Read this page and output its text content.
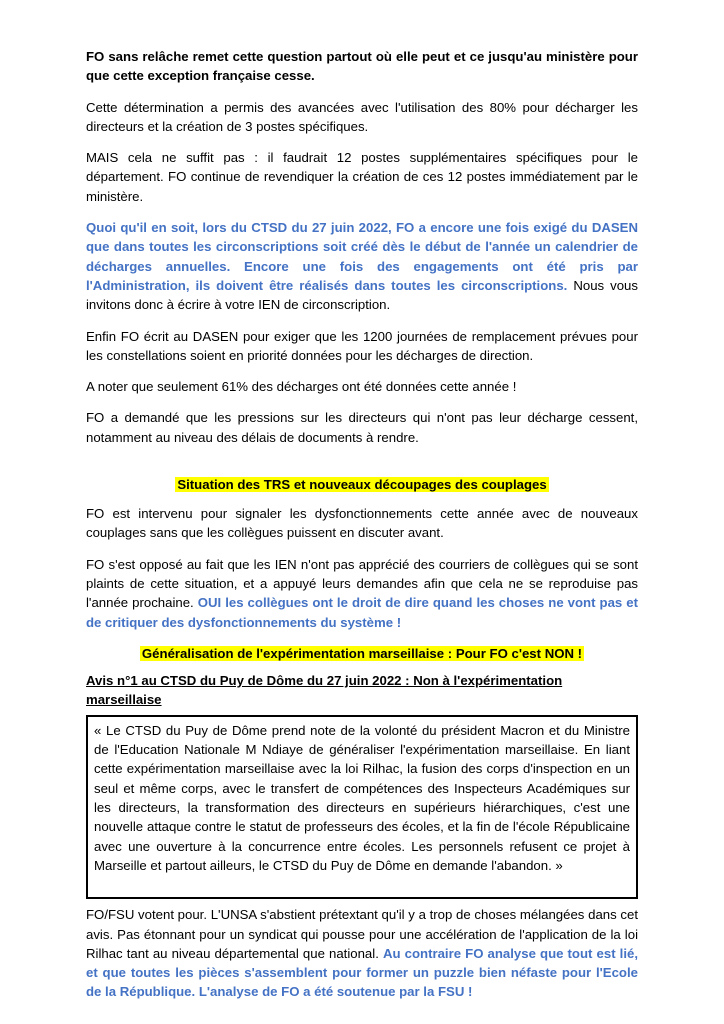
FO sans relâche remet cette question partout où elle peut et ce jusqu'au ministère pour que cette exception française cesse.

Cette détermination a permis des avancées avec l'utilisation des 80% pour décharger les directeurs et la création de 3 postes spécifiques.

MAIS cela ne suffit pas : il faudrait 12 postes supplémentaires spécifiques pour le département. FO continue de revendiquer la création de ces 12 postes immédiatement par le ministère.

Quoi qu'il en soit, lors du CTSD du 27 juin 2022, FO a encore une fois exigé du DASEN que dans toutes les circonscriptions soit créé dès le début de l'année un calendrier de décharges annuelles. Encore une fois des engagements ont été pris par l'Administration, ils doivent être réalisés dans toutes les circonscriptions. Nous vous invitons donc à écrire à votre IEN de circonscription.

Enfin FO écrit au DASEN pour exiger que les 1200 journées de remplacement prévues pour les constellations soient en priorité données pour les décharges de direction.

A noter que seulement 61% des décharges ont été données cette année !

FO a demandé que les pressions sur les directeurs qui n'ont pas leur décharge cessent, notamment au niveau des délais de documents à rendre.

Situation des TRS et nouveaux découpages des couplages

FO est intervenu pour signaler les dysfonctionnements cette année avec de nouveaux couplages sans que les collègues puissent en discuter avant.

FO s'est opposé au fait que les IEN n'ont pas apprécié des courriers de collègues qui se sont plaints de cette situation, et a appuyé leurs demandes afin que cela ne se reproduise pas l'année prochaine. OUI les collègues ont le droit de dire quand les choses ne vont pas et de critiquer des dysfonctionnements du système !

Généralisation de l'expérimentation marseillaise : Pour FO c'est NON !
Avis n°1 au CTSD du Puy de Dôme du 27 juin 2022 : Non à l'expérimentation marseillaise

« Le CTSD du Puy de Dôme prend note de la volonté du président Macron et du Ministre de l'Education Nationale M Ndiaye de généraliser l'expérimentation marseillaise. En liant cette expérimentation marseillaise avec la loi Rilhac, la fusion des corps d'inspection en un seul et même corps, avec le transfert de compétences des Inspecteurs Académiques sur les directeurs, la transformation des directeurs en supérieurs hiérarchiques, c'est une nouvelle attaque contre le statut de professeurs des écoles, et la fin de l'école Républicaine avec une ouverture à la concurrence entre écoles. Les personnels refusent ce projet à Marseille et partout ailleurs, le CTSD du Puy de Dôme en demande l'abandon. »

FO/FSU votent pour. L'UNSA s'abstient prétextant qu'il y a trop de choses mélangées dans cet avis. Pas étonnant pour un syndicat qui pousse pour une accélération de l'application de la loi Rilhac tant au niveau départemental que national. Au contraire FO analyse que tout est lié, et que toutes les pièces s'assemblent pour former un puzzle bien néfaste pour l'Ecole de la République. L'analyse de FO a été soutenue par la FSU !
